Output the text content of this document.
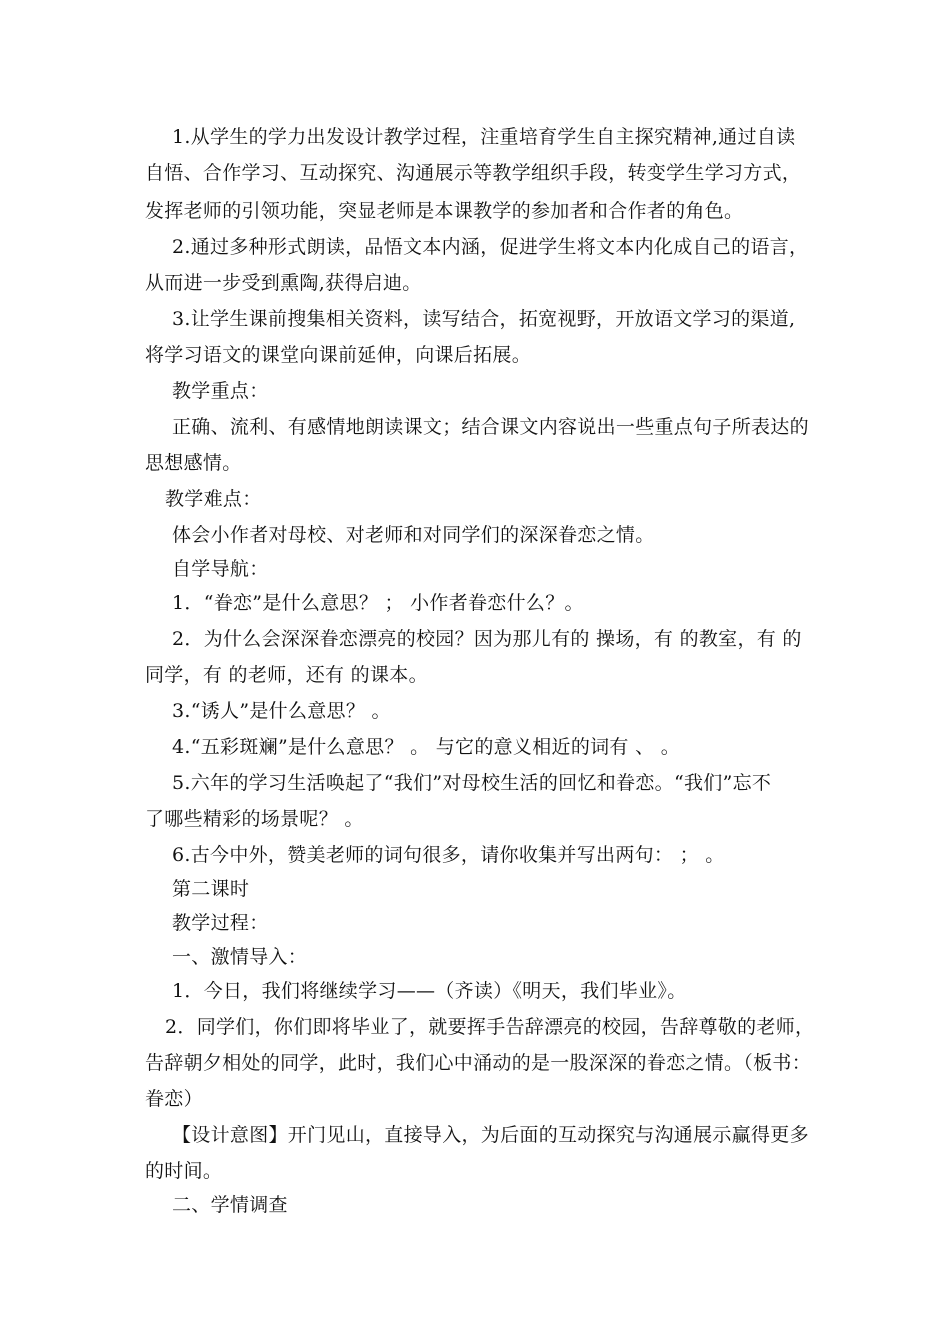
1.从学生的学力出发设计教学过程，注重培育学生自主探究精神,通过自读
自悟、合作学习、互动探究、沟通展示等教学组织手段，转变学生学习方式，
发挥老师的引领功能，突显老师是本课教学的参加者和合作者的角色。
2.通过多种形式朗读，品悟文本内涵，促进学生将文本内化成自己的语言，
从而进一步受到熏陶,获得启迪。
3.让学生课前搜集相关资料，读写结合，拓宽视野，开放语文学习的渠道,
将学习语文的课堂向课前延伸，向课后拓展。
教学重点：
正确、流利、有感情地朗读课文；结合课文内容说出一些重点句子所表达的
思想感情。
教学难点：
体会小作者对母校、对老师和对同学们的深深眷恋之情。
自学导航：
1．“眷恋”是什么意思？ ； 小作者眷恋什么？。
2．为什么会深深眷恋漂亮的校园？因为那儿有的 操场，有 的教室，有 的
同学，有 的老师，还有 的课本。
3.“诱人”是什么意思？ 。
4.“五彩斑斓”是什么意思？ 。 与它的意义相近的词有 、 。
5.六年的学习生活唤起了“我们”对母校生活的回忆和眷恋。“我们”忘不
了哪些精彩的场景呢？ 。
6.古今中外，赞美老师的词句很多，请你收集并写出两句： ； 。
第二课时
教学过程：
一、激情导入：
1．今日，我们将继续学习——（齐读）《明天，我们毕业》。
2．同学们，你们即将毕业了，就要挥手告辞漂亮的校园，告辞尊敬的老师，
告辞朝夕相处的同学，此时，我们心中涌动的是一股深深的眷恋之情。（板书：
眷恋）
【设计意图】开门见山，直接导入，为后面的互动探究与沟通展示赢得更多
的时间。
二、学情调查
